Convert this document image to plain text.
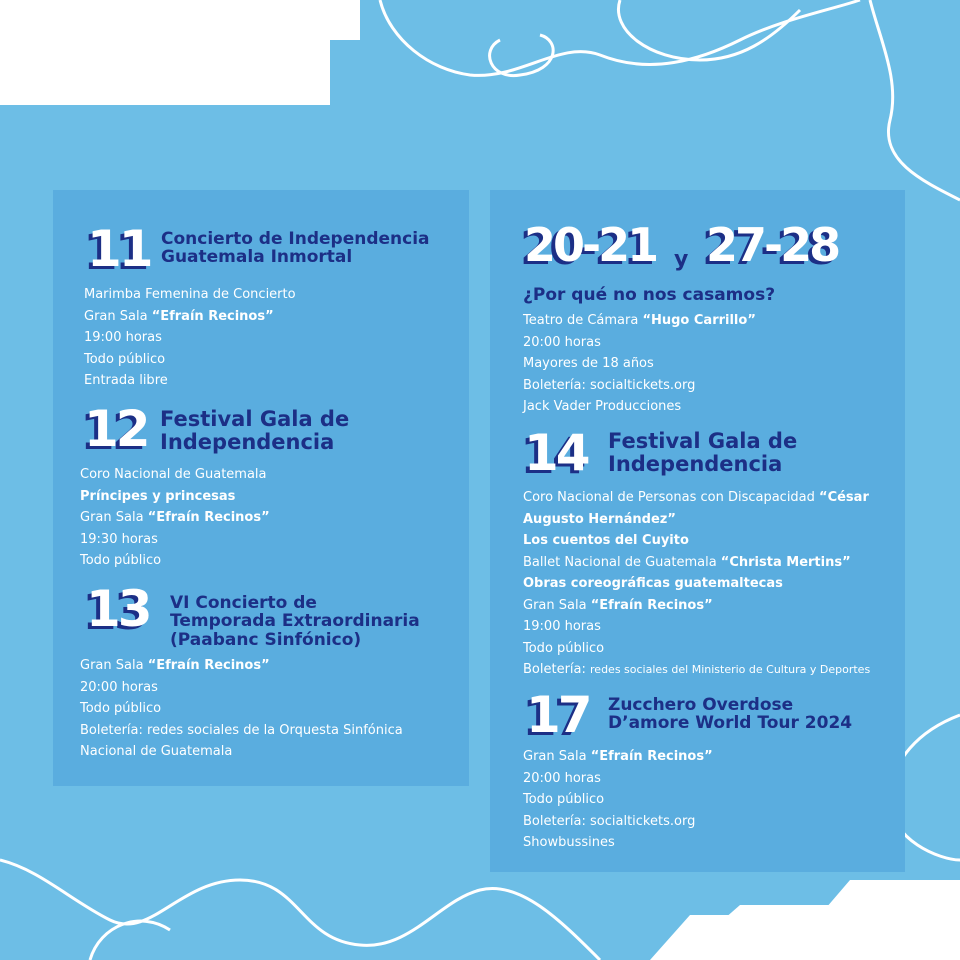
11 Concierto de Independencia
Guatemala Inmortal
Marimba Femenina de Concierto
Gran Sala “Efraín Recinos”
19:00 horas
Todo público
Entrada libre
12 Festival Gala de
Independencia
Coro Nacional de Guatemala
Príncipes y princesas
Gran Sala “Efraín Recinos”
19:30 horas
Todo público
13 VI Concierto de
Temporada Extraordinaria
(Paabanc Sinfónico)
Gran Sala “Efraín Recinos”
20:00 horas
Todo público
Boletería: redes sociales de la Orquesta Sinfónica
Nacional de Guatemala
20-21 y 27-28
¿Por qué no nos casamos?
Teatro de Cámara “Hugo Carrillo”
20:00 horas
Mayores de 18 años
Boletería: socialtickets.org
Jack Vader Producciones
14 Festival Gala de
Independencia
Coro Nacional de Personas con Discapacidad “César
Augusto Hernández”
Los cuentos del Cuyito
Ballet Nacional de Guatemala “Christa Mertins”
Obras coreográficas guatemaltecas
Gran Sala “Efraín Recinos”
19:00 horas
Todo público
Boletería: redes sociales del Ministerio de Cultura y Deportes
17 Zucchero Overdose
D’amore World Tour 2024
Gran Sala “Efraín Recinos”
20:00 horas
Todo público
Boletería: socialtickets.org
Showbussines
